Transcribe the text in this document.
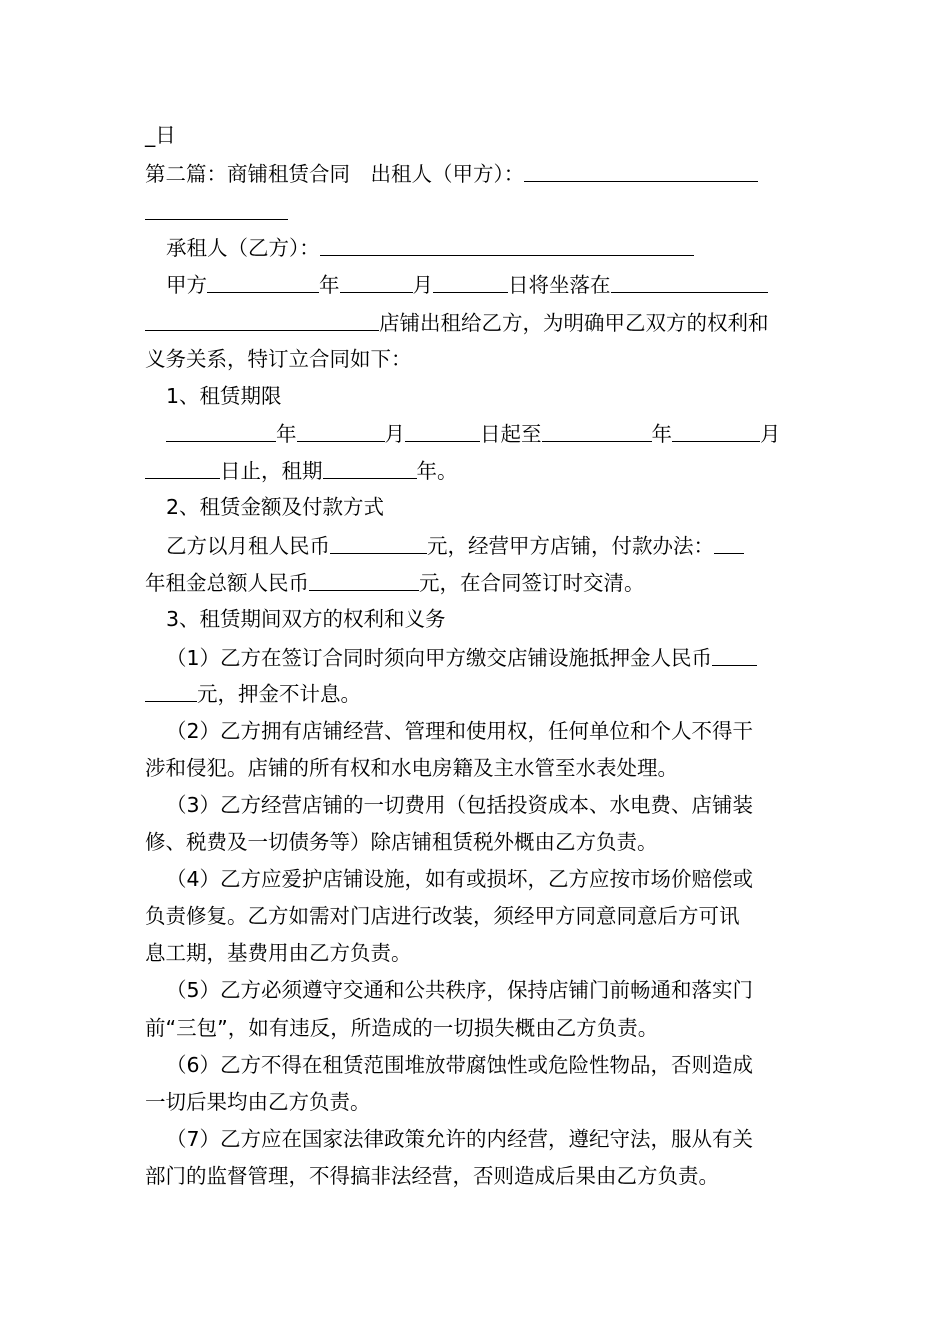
_日
第二篇：商铺租赁合同　出租人（甲方）：
承租人（乙方）：
甲方	年	月	日将坐落在
店铺出租给乙方，为明确甲乙双方的权利和
义务关系，特订立合同如下：
1、租赁期限
年	月	日起至	年	月
日止，租期	年。
2、租赁金额及付款方式
乙方以月租人民币	元，经营甲方店铺，付款办法：
年租金总额人民币	元，在合同签订时交清。
3、租赁期间双方的权利和义务
（1）乙方在签订合同时须向甲方缴交店铺设施抵押金人民币
元，押金不计息。
（2）乙方拥有店铺经营、管理和使用权，任何单位和个人不得干
涉和侵犯。店铺的所有权和水电房籍及主水管至水表处理。
（3）乙方经营店铺的一切费用（包括投资成本、水电费、店铺装
修、税费及一切债务等）除店铺租赁税外概由乙方负责。
（4）乙方应爱护店铺设施，如有或损坏，乙方应按市场价赔偿或
负责修复。乙方如需对门店进行改装，须经甲方同意同意后方可讯
息工期，基费用由乙方负责。
（5）乙方必须遵守交通和公共秩序，保持店铺门前畅通和落实门
前“三包”，如有违反，所造成的一切损失概由乙方负责。
（6）乙方不得在租赁范围堆放带腐蚀性或危险性物品，否则造成
一切后果均由乙方负责。
（7）乙方应在国家法律政策允许的内经营，遵纪守法，服从有关
部门的监督管理，不得搞非法经营，否则造成后果由乙方负责。
